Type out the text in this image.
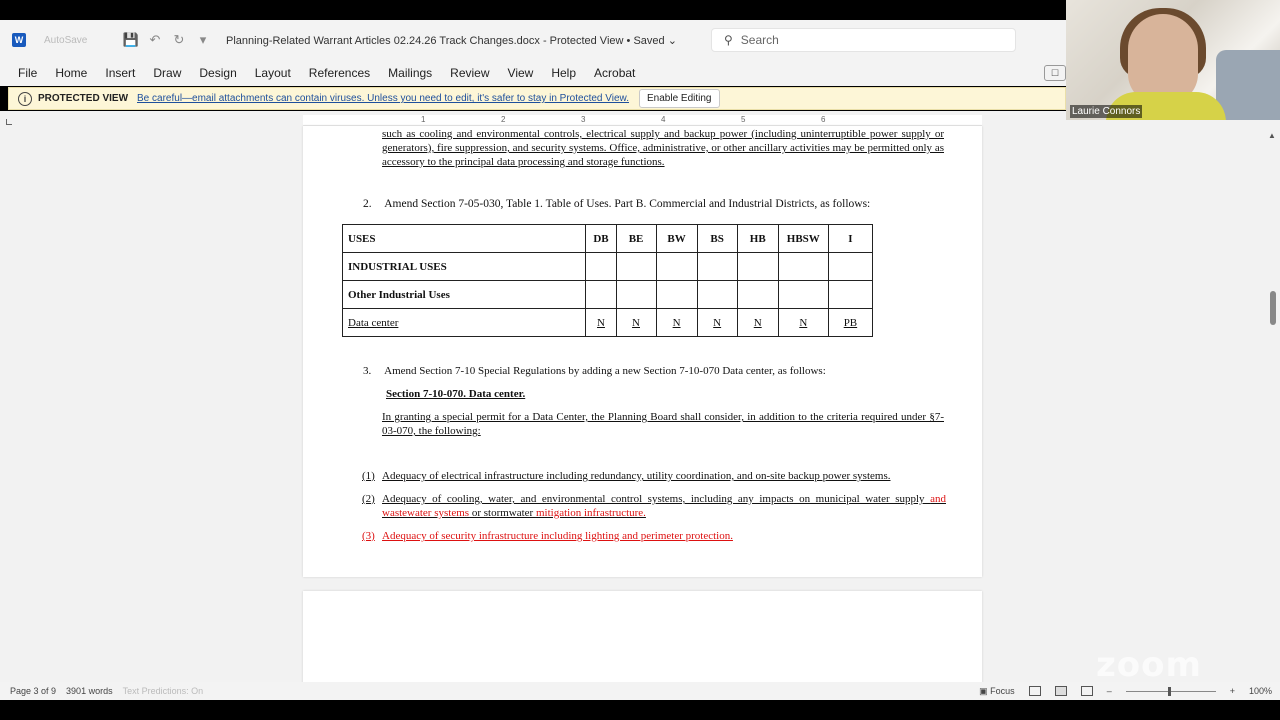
W AutoSave	💾 ↶ ↻ ▾	Planning-Related Warrant Articles 02.24.26 Track Changes.docx - Protected View • Saved ⌄	⚲ Search
File Home Insert Draw Design Layout References Mailings Review View Help Acrobat	☐
i	PROTECTED VIEW Be careful—email attachments can contain viruses. Unless you need to edit, it's safer to stay in Protected View.	Enable Editing
1	2	3	4	5	6
such as cooling and environmental controls, electrical supply and backup power (including uninterruptible power supply or generators), fire suppression, and security systems. Office, administrative, or other ancillary activities may be permitted only as accessory to the principal data processing and storage functions.
2. Amend Section 7-05-030, Table 1. Table of Uses. Part B. Commercial and Industrial Districts, as follows:
USES	DB	BE	BW	BS	HB	HBSW	I
INDUSTRIAL USES							
Other Industrial Uses							
Data center	N	N	N	N	N	N	PB
3. Amend Section 7-10 Special Regulations by adding a new Section 7-10-070 Data center, as follows:
Section 7-10-070. Data center.
In granting a special permit for a Data Center, the Planning Board shall consider, in addition to the criteria required under §7-03-070, the following:
(1) Adequacy of electrical infrastructure including redundancy, utility coordination, and on-site backup power systems.
(2) Adequacy of cooling, water, and environmental control systems, including any impacts on municipal water supply and wastewater systems or stormwater mitigation infrastructure.
(3) Adequacy of security infrastructure including lighting and perimeter protection.
▲
Page 3 of 9 3901 words Text Predictions: On	▣ Focus	–	+ 100%
Laurie Connors
zoom
